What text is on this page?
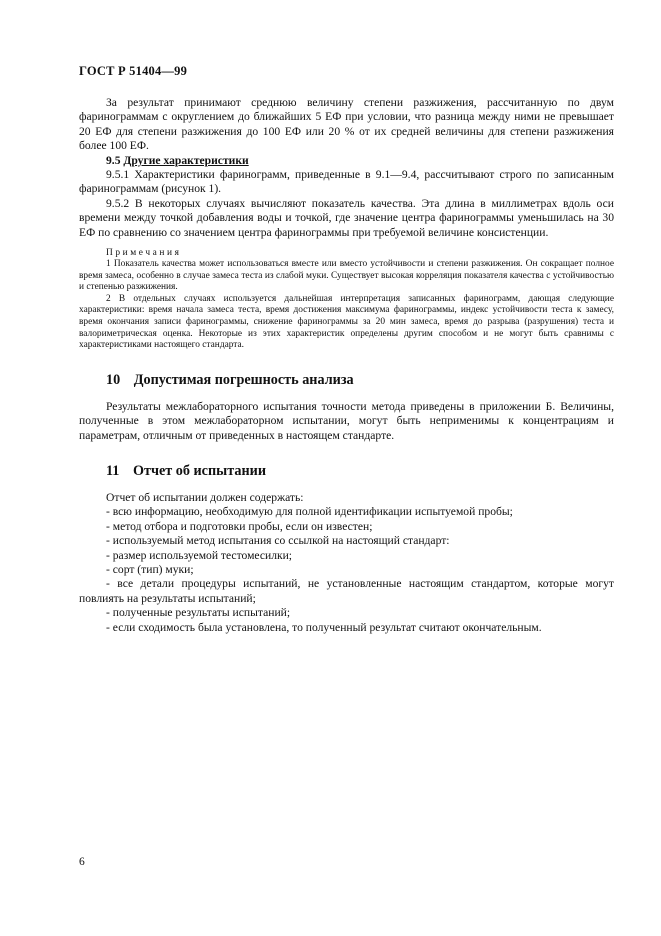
ГОСТ Р 51404—99

За результат принимают среднюю величину степени разжижения, рассчитанную по двум фаринограммам с округлением до ближайших 5 ЕФ при условии, что разница между ними не превышает 20 ЕФ для степени разжижения до 100 ЕФ или 20 % от их средней величины для степени разжижения более 100 ЕФ.

9.5 Другие характеристики

9.5.1 Характеристики фаринограмм, приведенные в 9.1—9.4, рассчитывают строго по записанным фаринограммам (рисунок 1).

9.5.2 В некоторых случаях вычисляют показатель качества. Эта длина в миллиметрах вдоль оси времени между точкой добавления воды и точкой, где значение центра фаринограммы уменьшилась на 30 ЕФ по сравнению со значением центра фаринограммы при требуемой величине консистенции.

Примечания

1 Показатель качества может использоваться вместе или вместо устойчивости и степени разжижения. Он сокращает полное время замеса, особенно в случае замеса теста из слабой муки. Существует высокая корреляция показателя качества с устойчивостью и степенью разжижения.

2 В отдельных случаях используется дальнейшая интерпретация записанных фаринограмм, дающая следующие характеристики: время начала замеса теста, время достижения максимума фаринограммы, индекс устойчивости теста к замесу, время окончания записи фаринограммы, снижение фаринограммы за 20 мин замеса, время до разрыва (разрушения) теста и валориметрическая оценка. Некоторые из этих характеристик определены другим способом и не могут быть сравнимы с характеристиками настоящего стандарта.

10 Допустимая погрешность анализа

Результаты межлабораторного испытания точности метода приведены в приложении Б. Величины, полученные в этом межлабораторном испытании, могут быть неприменимы к концентрациям и параметрам, отличным от приведенных в настоящем стандарте.

11 Отчет об испытании

Отчет об испытании должен содержать:

- всю информацию, необходимую для полной идентификации испытуемой пробы;

- метод отбора и подготовки пробы, если он известен;

- используемый метод испытания со ссылкой на настоящий стандарт:

- размер используемой тестомесилки;

- сорт (тип) муки;

- все детали процедуры испытаний, не установленные настоящим стандартом, которые могут повлиять на результаты испытаний;

- полученные результаты испытаний;

- если сходимость была установлена, то полученный результат считают окончательным.

6
